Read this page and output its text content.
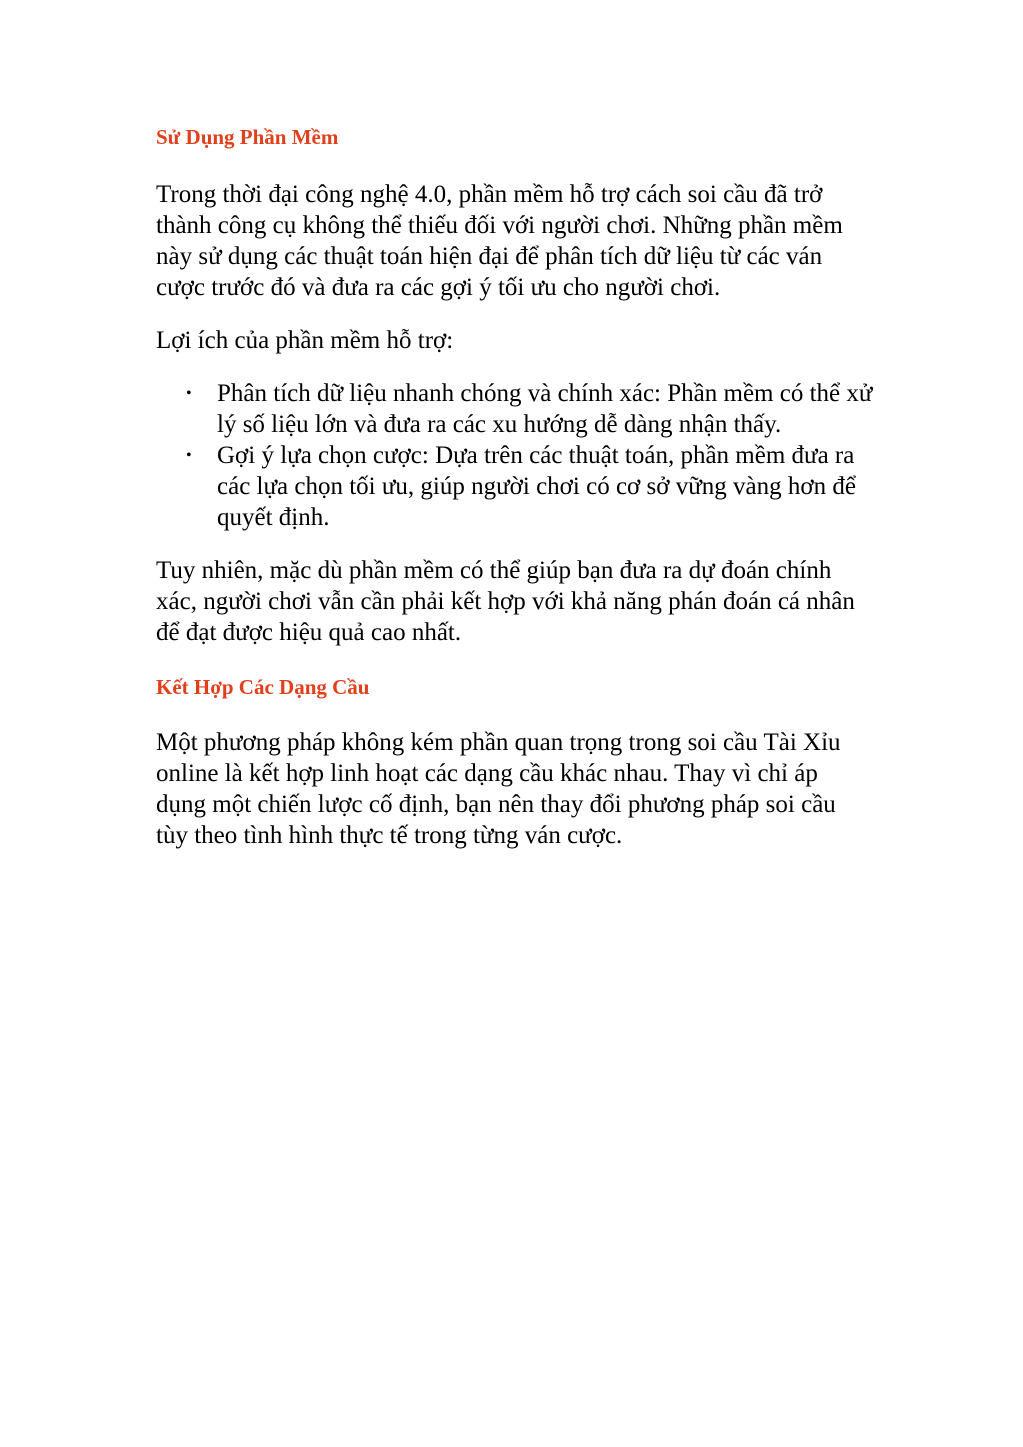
Sử Dụng Phần Mềm

Trong thời đại công nghệ 4.0, phần mềm hỗ trợ cách soi cầu đã trở thành công cụ không thể thiếu đối với người chơi. Những phần mềm này sử dụng các thuật toán hiện đại để phân tích dữ liệu từ các ván cược trước đó và đưa ra các gợi ý tối ưu cho người chơi.

Lợi ích của phần mềm hỗ trợ:

• Phân tích dữ liệu nhanh chóng và chính xác: Phần mềm có thể xử lý số liệu lớn và đưa ra các xu hướng dễ dàng nhận thấy.
• Gợi ý lựa chọn cược: Dựa trên các thuật toán, phần mềm đưa ra các lựa chọn tối ưu, giúp người chơi có cơ sở vững vàng hơn để quyết định.

Tuy nhiên, mặc dù phần mềm có thể giúp bạn đưa ra dự đoán chính xác, người chơi vẫn cần phải kết hợp với khả năng phán đoán cá nhân để đạt được hiệu quả cao nhất.

Kết Hợp Các Dạng Cầu

Một phương pháp không kém phần quan trọng trong soi cầu Tài Xỉu online là kết hợp linh hoạt các dạng cầu khác nhau. Thay vì chỉ áp dụng một chiến lược cố định, bạn nên thay đổi phương pháp soi cầu tùy theo tình hình thực tế trong từng ván cược.
